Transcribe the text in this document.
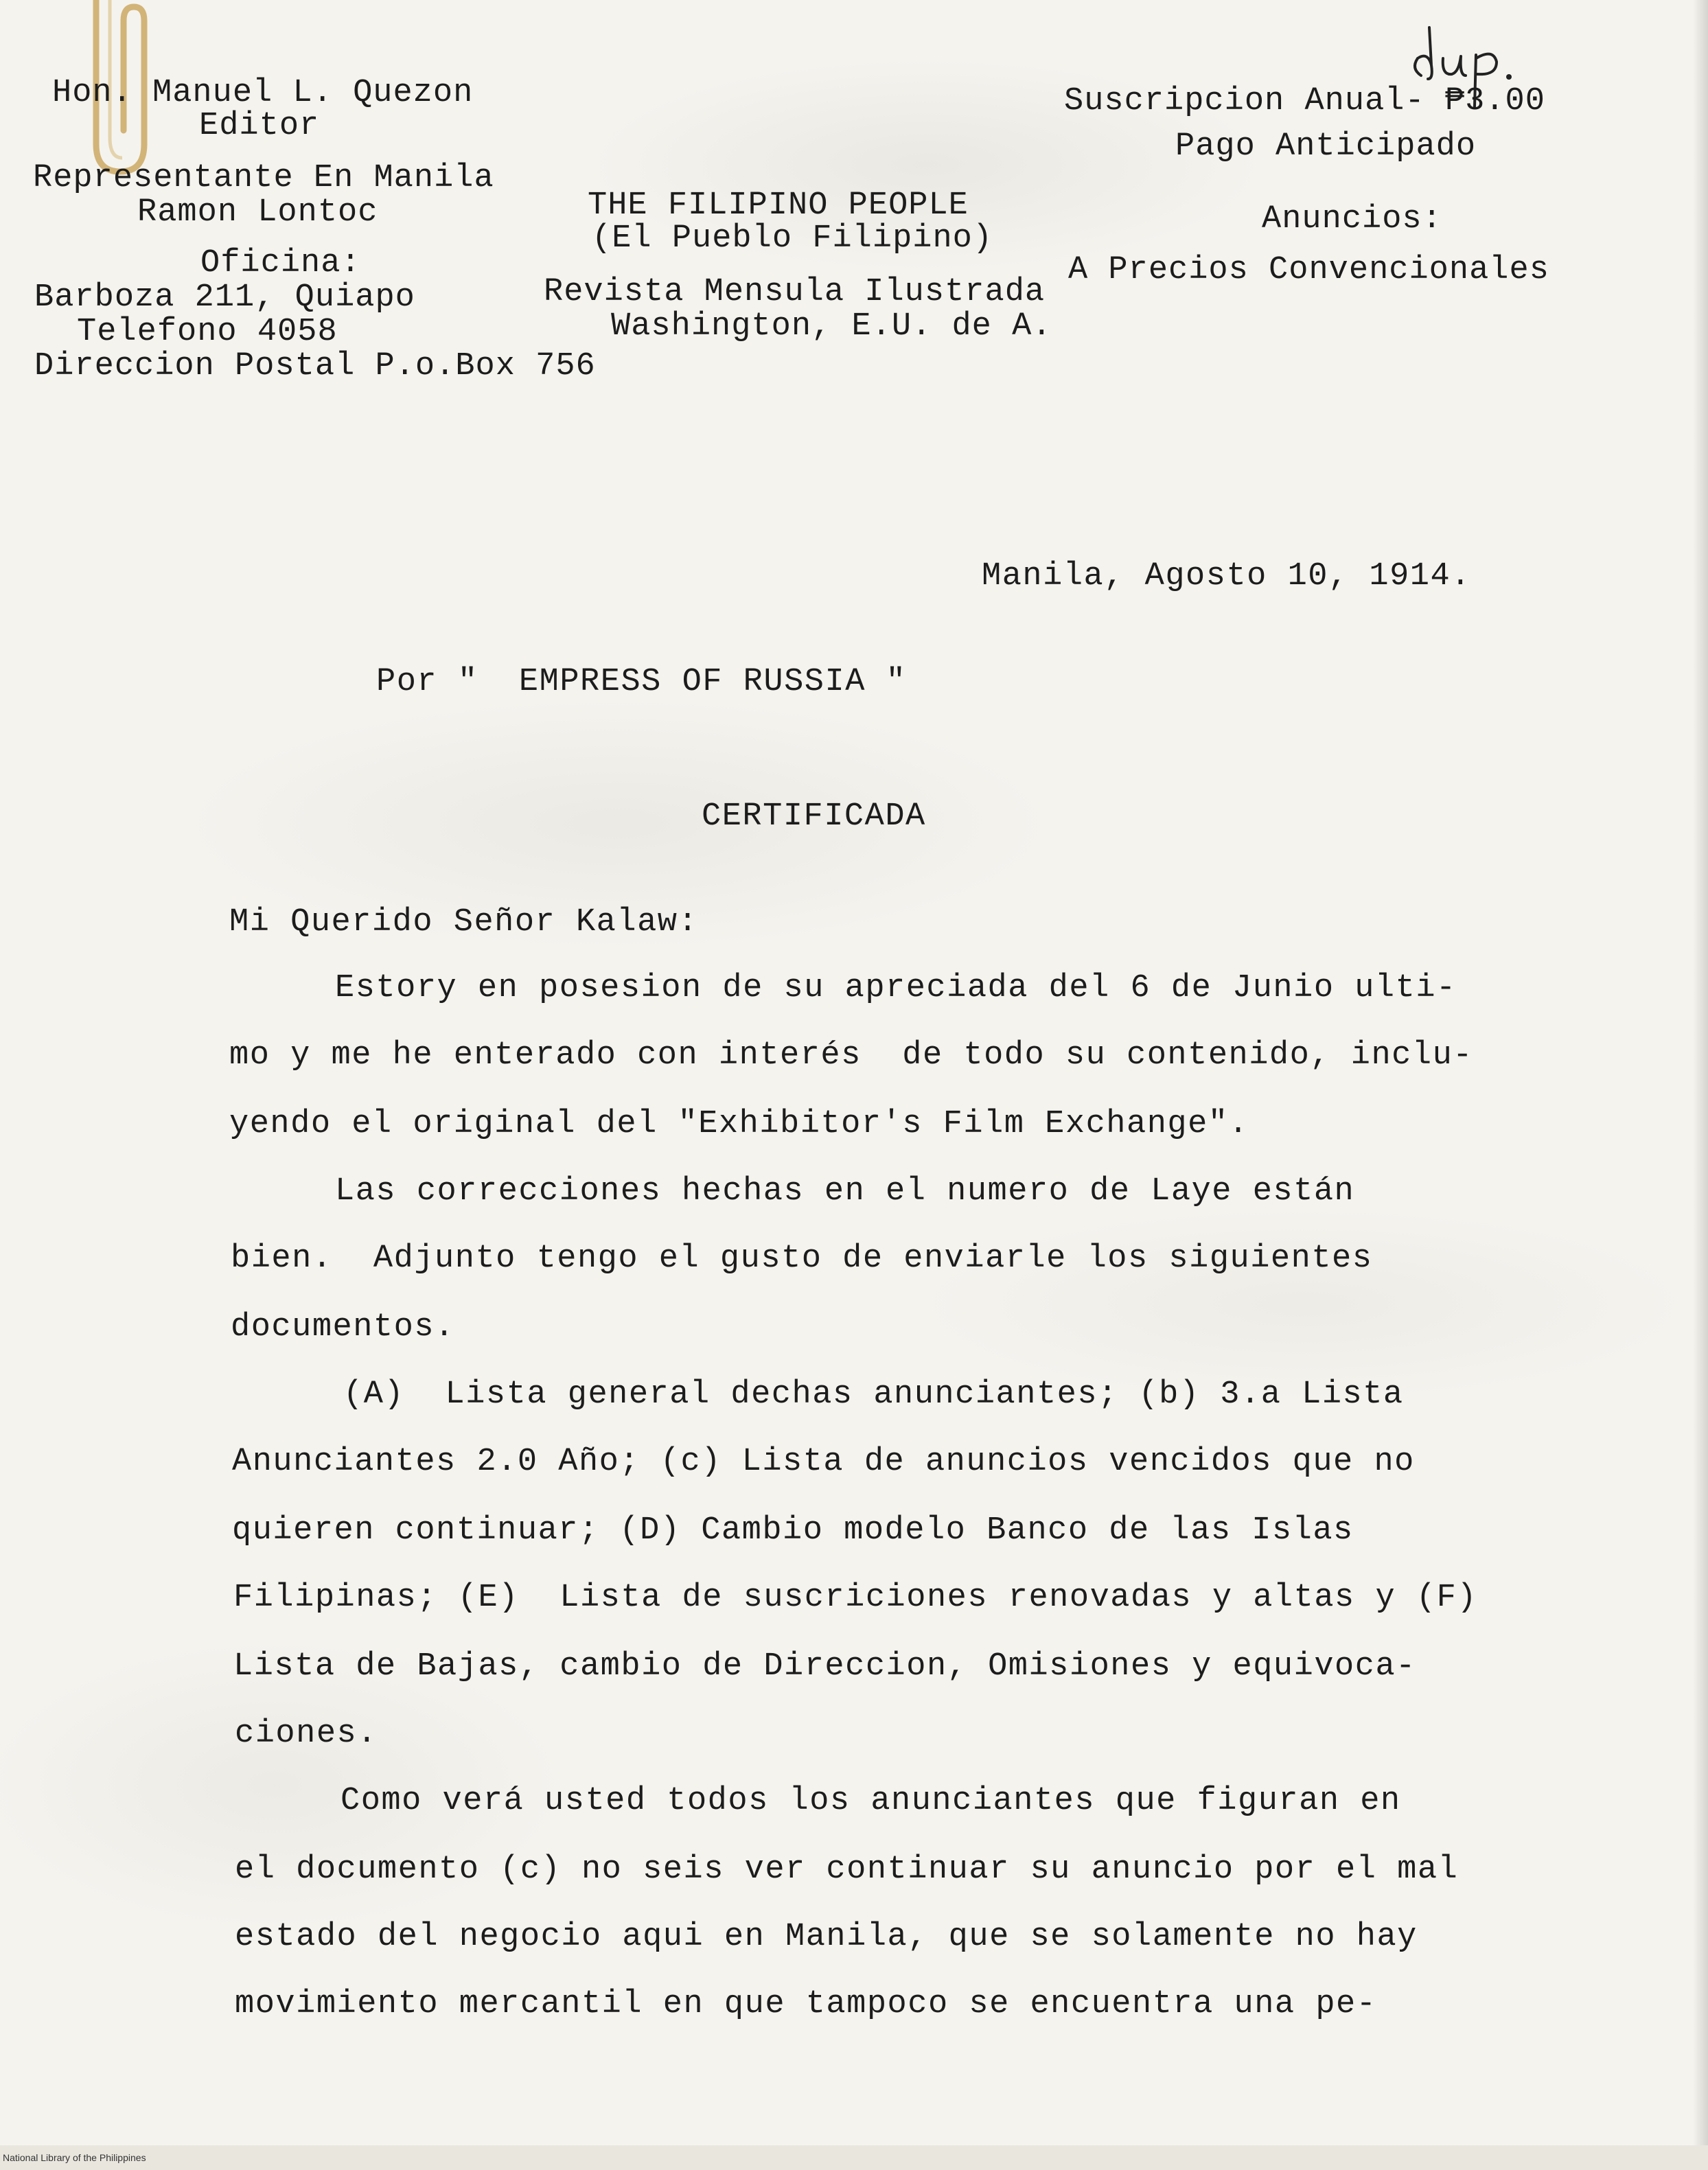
Hon. Manuel L. Quezon
Editor
Representante En Manila
Ramon Lontoc
Oficina:
Barboza 211, Quiapo
Telefono 4058
Direccion Postal P.o.Box 756
THE FILIPINO PEOPLE
(El Pueblo Filipino)
Revista Mensula Ilustrada
Washington, E.U. de A.
Suscripcion Anual- ₱3.00
Pago Anticipado
Anuncios:
A Precios Convencionales
Manila, Agosto 10, 1914.
Por "  EMPRESS OF RUSSIA "
CERTIFICADA
Mi Querido Señor Kalaw:
Estory en posesion de su apreciada del 6 de Junio ulti-
mo y me he enterado con interés  de todo su contenido, inclu-
yendo el original del "Exhibitor's Film Exchange".
Las correcciones hechas en el numero de Laye están
bien.  Adjunto tengo el gusto de enviarle los siguientes
documentos.
(A)  Lista general dechas anunciantes; (b) 3.a Lista
Anunciantes 2.0 Año; (c) Lista de anuncios vencidos que no
quieren continuar; (D) Cambio modelo Banco de las Islas
Filipinas; (E)  Lista de suscriciones renovadas y altas y (F)
Lista de Bajas, cambio de Direccion, Omisiones y equivoca-
ciones.
Como verá usted todos los anunciantes que figuran en
el documento (c) no seis ver continuar su anuncio por el mal
estado del negocio aqui en Manila, que se solamente no hay
movimiento mercantil en que tampoco se encuentra una pe-
National Library of the Philippines
